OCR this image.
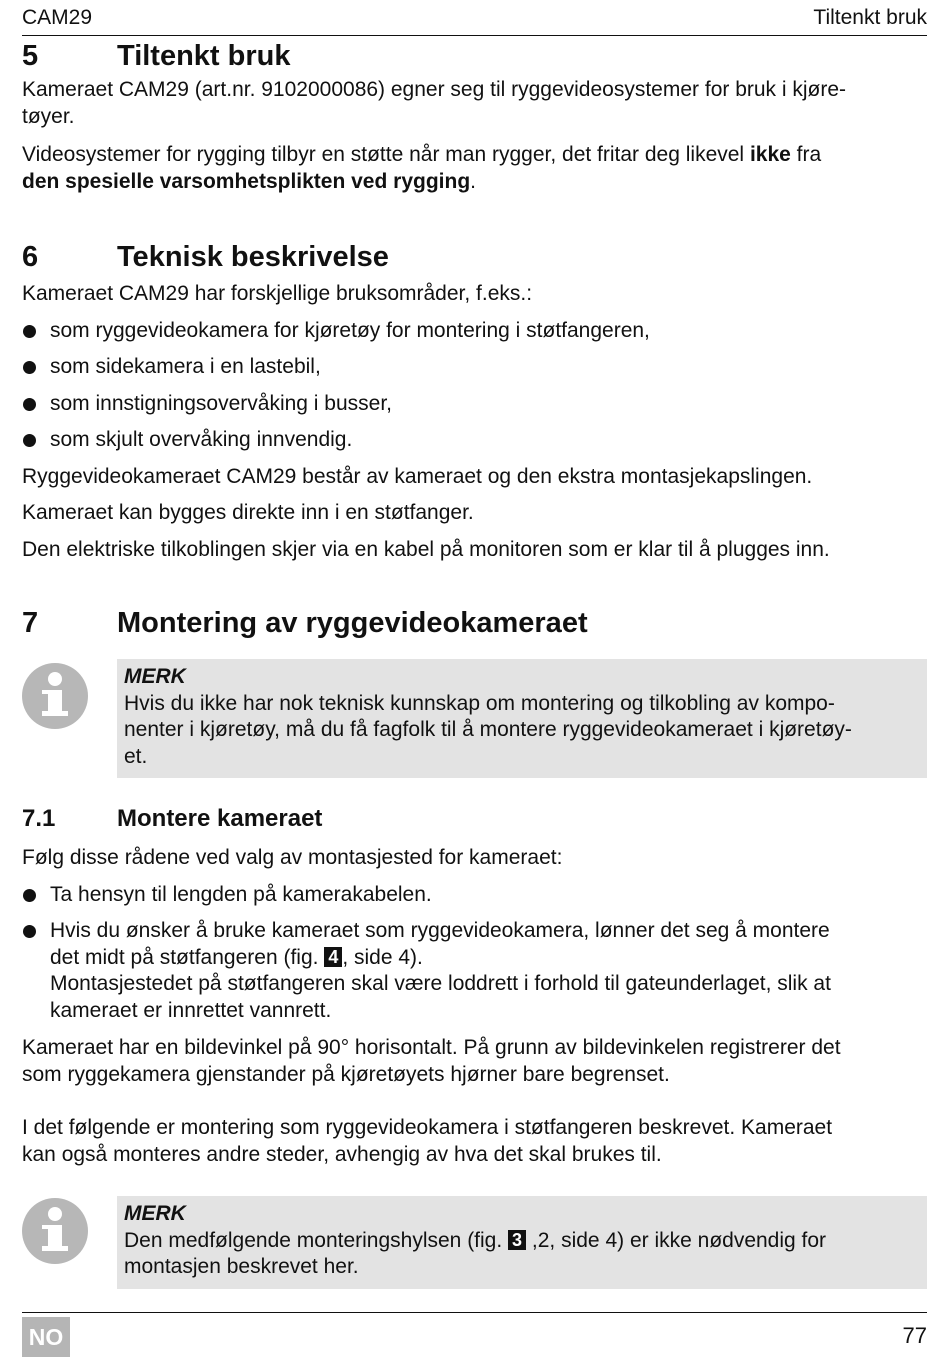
CAM29	Tiltenkt bruk
5	Tiltenkt bruk

Kameraet CAM29 (art.nr. 9102000086) egner seg til ryggevideosystemer for bruk i kjøre-

tøyer.

Videosystemer for rygging tilbyr en støtte når man rygger, det fritar deg likevel ikke fra

den spesielle varsomhetsplikten ved rygging.

6	Teknisk beskrivelse

Kameraet CAM29 har forskjellige bruksområder, f.eks.:

som ryggevideokamera for kjøretøy for montering i støtfangeren,
som sidekamera i en lastebil,
som innstigningsovervåking i busser,
som skjult overvåking innvendig.

Ryggevideokameraet CAM29 består av kameraet og den ekstra montasjekapslingen.

Kameraet kan bygges direkte inn i en støtfanger.

Den elektriske tilkoblingen skjer via en kabel på monitoren som er klar til å plugges inn.

7	Montering av ryggevideokameraet
MERK

Hvis du ikke har nok teknisk kunnskap om montering og tilkobling av kompo-

nenter i kjøretøy, må du få fagfolk til å montere ryggevideokameraet i kjøretøy-

et.

7.1	Montere kameraet

Følg disse rådene ved valg av montasjested for kameraet:

Ta hensyn til lengden på kamerakabelen.

Hvis du ønsker å bruke kameraet som ryggevideokamera, lønner det seg å montere

det midt på støtfangeren (fig. 4 , side 4).

Montasjestedet på støtfangeren skal være loddrett i forhold til gateunderlaget, slik at

kameraet er innrettet vannrett.

Kameraet har en bildevinkel på 90° horisontalt. På grunn av bildevinkelen registrerer det

som ryggekamera gjenstander på kjøretøyets hjørner bare begrenset.

I det følgende er montering som ryggevideokamera i støtfangeren beskrevet. Kameraet

kan også monteres andre steder, avhengig av hva det skal brukes til.

MERK

Den medfølgende monteringshylsen (fig. 3 ,2, side 4) er ikke nødvendig for

montasjen beskrevet her.

NO	77
